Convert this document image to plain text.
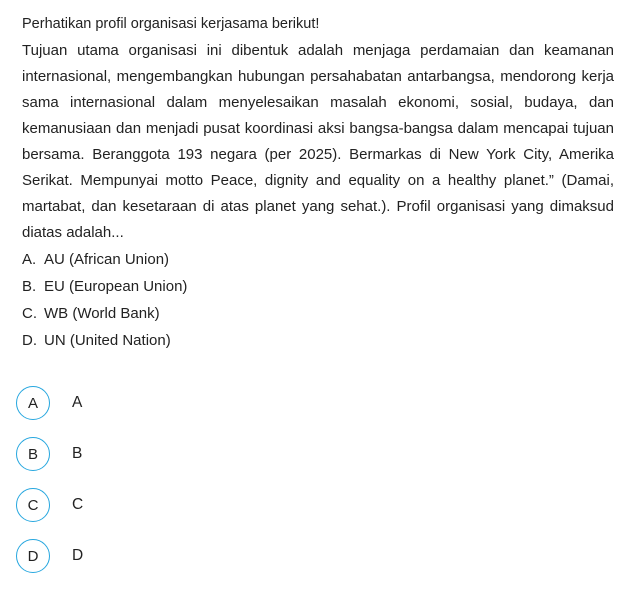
Perhatikan profil organisasi kerjasama berikut!

Tujuan utama organisasi ini dibentuk adalah menjaga perdamaian dan keamanan internasional, mengembangkan hubungan persahabatan antarbangsa, mendorong kerja sama internasional dalam menyelesaikan masalah ekonomi, sosial, budaya, dan kemanusiaan dan menjadi pusat koordinasi aksi bangsa-bangsa dalam mencapai tujuan bersama. Beranggota 193 negara (per 2025). Bermarkas di New York City, Amerika Serikat. Mempunyai motto Peace, dignity and equality on a healthy planet.” (Damai, martabat, dan kesetaraan di atas planet yang sehat.). Profil organisasi yang dimaksud diatas adalah...

A. AU (African Union)
B. EU (European Union)
C. WB (World Bank)
D. UN (United Nation)
A	A
B	B
C	C
D	D
